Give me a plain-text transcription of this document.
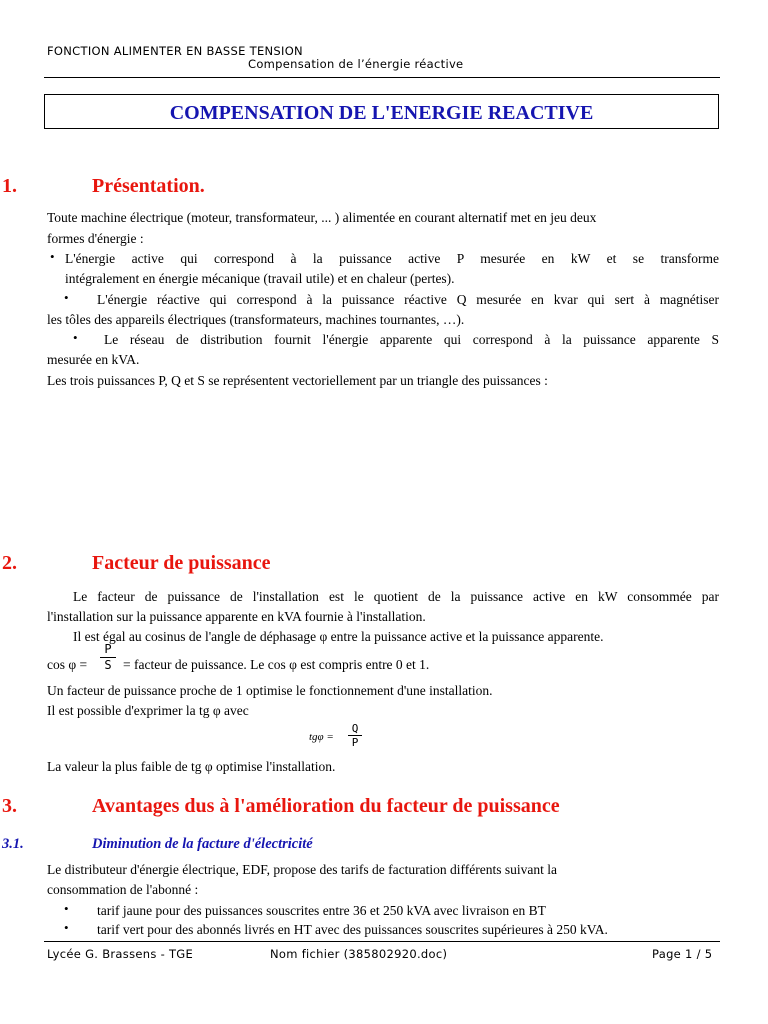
FONCTION ALIMENTER EN BASSE TENSION
Compensation de l’énergie réactive
COMPENSATION DE L'ENERGIE REACTIVE
1.	Présentation.
Toute machine électrique (moteur, transformateur, ... ) alimentée en courant alternatif met en jeu deux
formes d'énergie :
• L'énergie active qui correspond à la puissance active P mesurée en kW et se transforme
intégralement en énergie mécanique (travail utile) et en chaleur (pertes).
• L'énergie réactive qui correspond à la puissance réactive Q mesurée en kvar qui sert à magnétiser
les tôles des appareils électriques (transformateurs, machines tournantes, …).
• Le réseau de distribution fournit l'énergie apparente qui correspond à la puissance apparente S
mesurée en kVA.
Les trois puissances P, Q et S se représentent vectoriellement par un triangle des puissances :
2.	Facteur de puissance
Le facteur de puissance de l'installation est le quotient de la puissance active en kW consommée par
l'installation sur la puissance apparente en kVA fournie à l'installation.
Il est égal au cosinus de l'angle de déphasage φ entre la puissance active et la puissance apparente.
cos φ =
P
S = facteur de puissance. Le cos φ est compris entre 0 et 1.
Un facteur de puissance proche de 1 optimise le fonctionnement d'une installation.
Il est possible d'exprimer la tg φ avec
tgφ =
Q
P
La valeur la plus faible de tg φ optimise l'installation.
3.	Avantages dus à l'amélioration du facteur de puissance
3.1.	Diminution de la facture d'électricité
Le distributeur d'énergie électrique, EDF, propose des tarifs de facturation différents suivant la
consommation de l'abonné :
• tarif jaune pour des puissances souscrites entre 36 et 250 kVA avec livraison en BT
• tarif vert pour des abonnés livrés en HT avec des puissances souscrites supérieures à 250 kVA.
Lycée G. Brassens - TGE	Nom fichier (385802920.doc)	Page 1 / 5
